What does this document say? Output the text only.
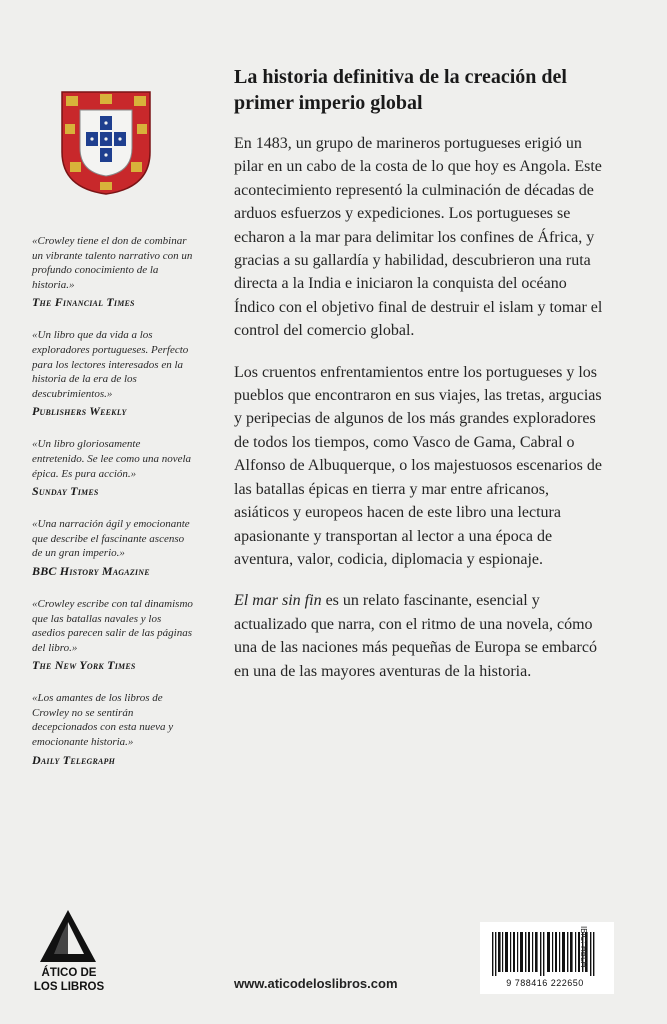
«Crowley tiene el don de combinar un vibrante talento narrativo con un profundo conocimiento de la historia.»

The Financial Times

«Un libro que da vida a los exploradores portugueses. Perfecto para los lectores interesados en la historia de la era de los descubrimientos.»

Publishers Weekly

«Un libro gloriosamente entretenido. Se lee como una novela épica. Es pura acción.»

Sunday Times

«Una narración ágil y emocionante que describe el fascinante ascenso de un gran imperio.»

BBC History Magazine

«Crowley escribe con tal dinamismo que las batallas navales y los asedios parecen salir de las páginas del libro.»

The New York Times

«Los amantes de los libros de Crowley no se sentirán decepcionados con esta nueva y emocionante historia.»

Daily Telegraph

La historia definitiva de la creación del primer imperio global

En 1483, un grupo de marineros portugueses erigió un pilar en un cabo de la costa de lo que hoy es Angola. Este acontecimiento representó la culminación de décadas de arduos esfuerzos y expediciones. Los portugueses se echaron a la mar para delimitar los confines de África, y gracias a su gallardía y habilidad, descubrieron una ruta directa a la India e iniciaron la conquista del océano Índico con el objetivo final de destruir el islam y tomar el control del comercio global.

Los cruentos enfrentamientos entre los portugueses y los pueblos que encontraron en sus viajes, las tretas, argucias y peripecias de algunos de los más grandes exploradores de todos los tiempos, como Vasco de Gama, Cabral o Alfonso de Albuquerque, o los majestuosos escenarios de las batallas épicas en tierra y mar entre africanos, asiáticos y europeos hacen de este libro una lectura apasionante y transportan al lector a una época de aventura, valor, codicia, diplomacia y espionaje.

El mar sin fin es un relato fascinante, esencial y actualizado que narra, con el ritmo de una novela, cómo una de las naciones más pequeñas de Europa se embarcó en una de las mayores aventuras de la historia.

ÁTICO DE
LOS LIBROS	www.aticodeloslibros.com	9 788416 222650
IBIC: HBLH
